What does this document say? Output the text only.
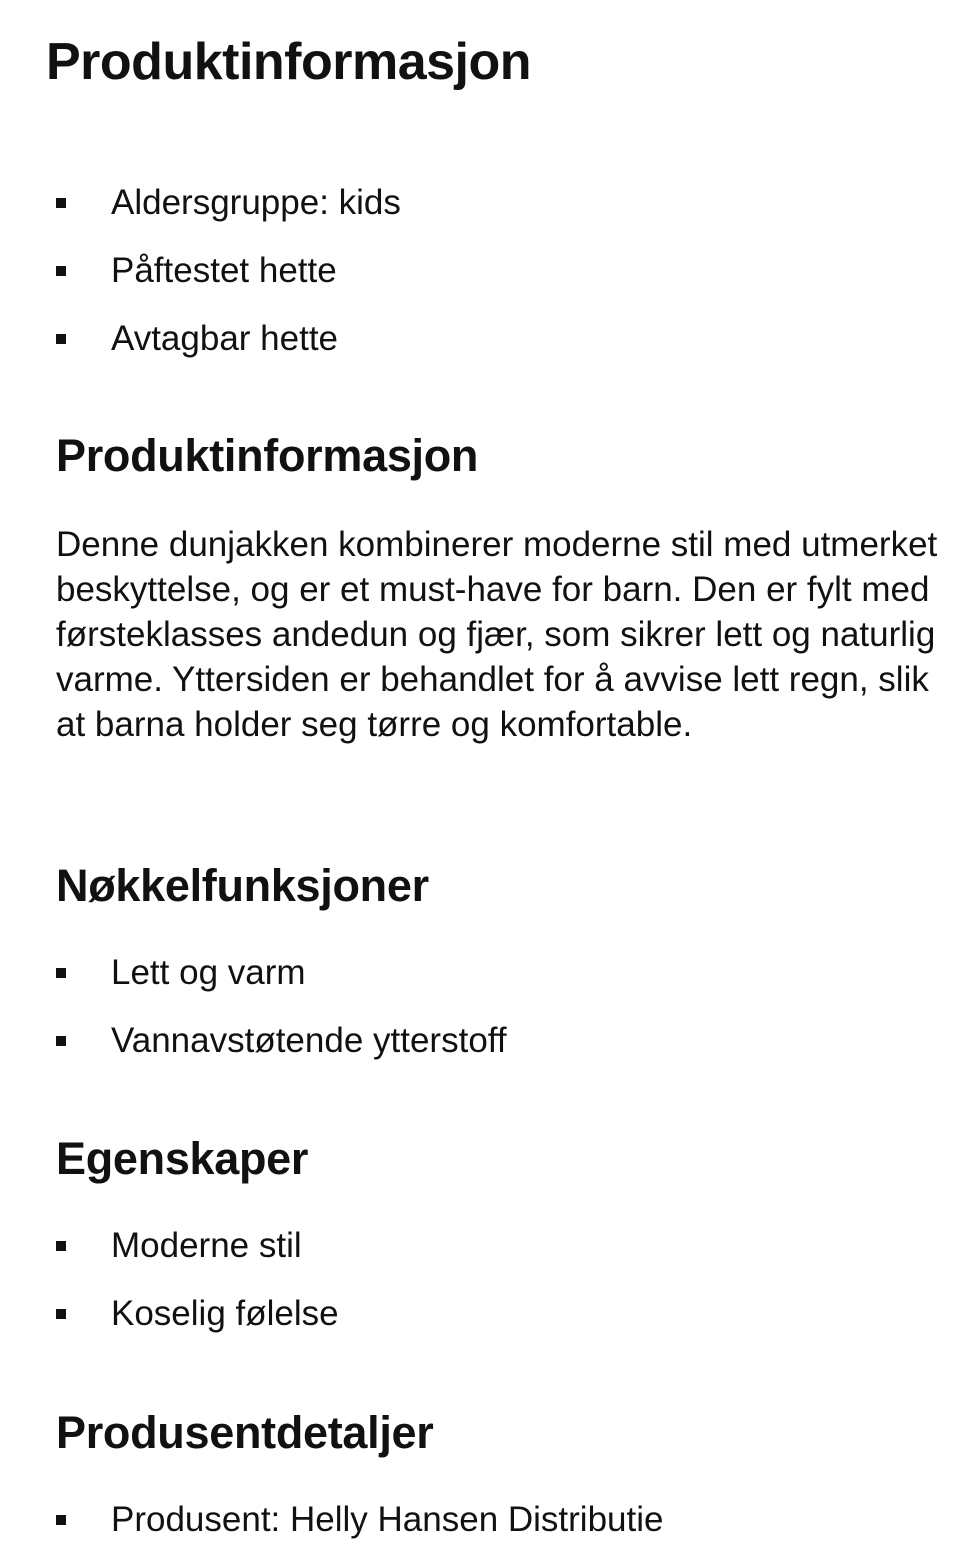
Produktinformasjon
Aldersgruppe: kids
Påftestet hette
Avtagbar hette
Produktinformasjon

Denne dunjakken kombinerer moderne stil med utmerket beskyttelse, og er et must-have for barn. Den er fylt med førsteklasses andedun og fjær, som sikrer lett og naturlig varme. Yttersiden er behandlet for å avvise lett regn, slik at barna holder seg tørre og komfortable.

Nøkkelfunksjoner
Lett og varm
Vannavstøtende ytterstoff
Egenskaper
Moderne stil
Koselig følelse
Produsentdetaljer
Produsent: Helly Hansen Distributie
